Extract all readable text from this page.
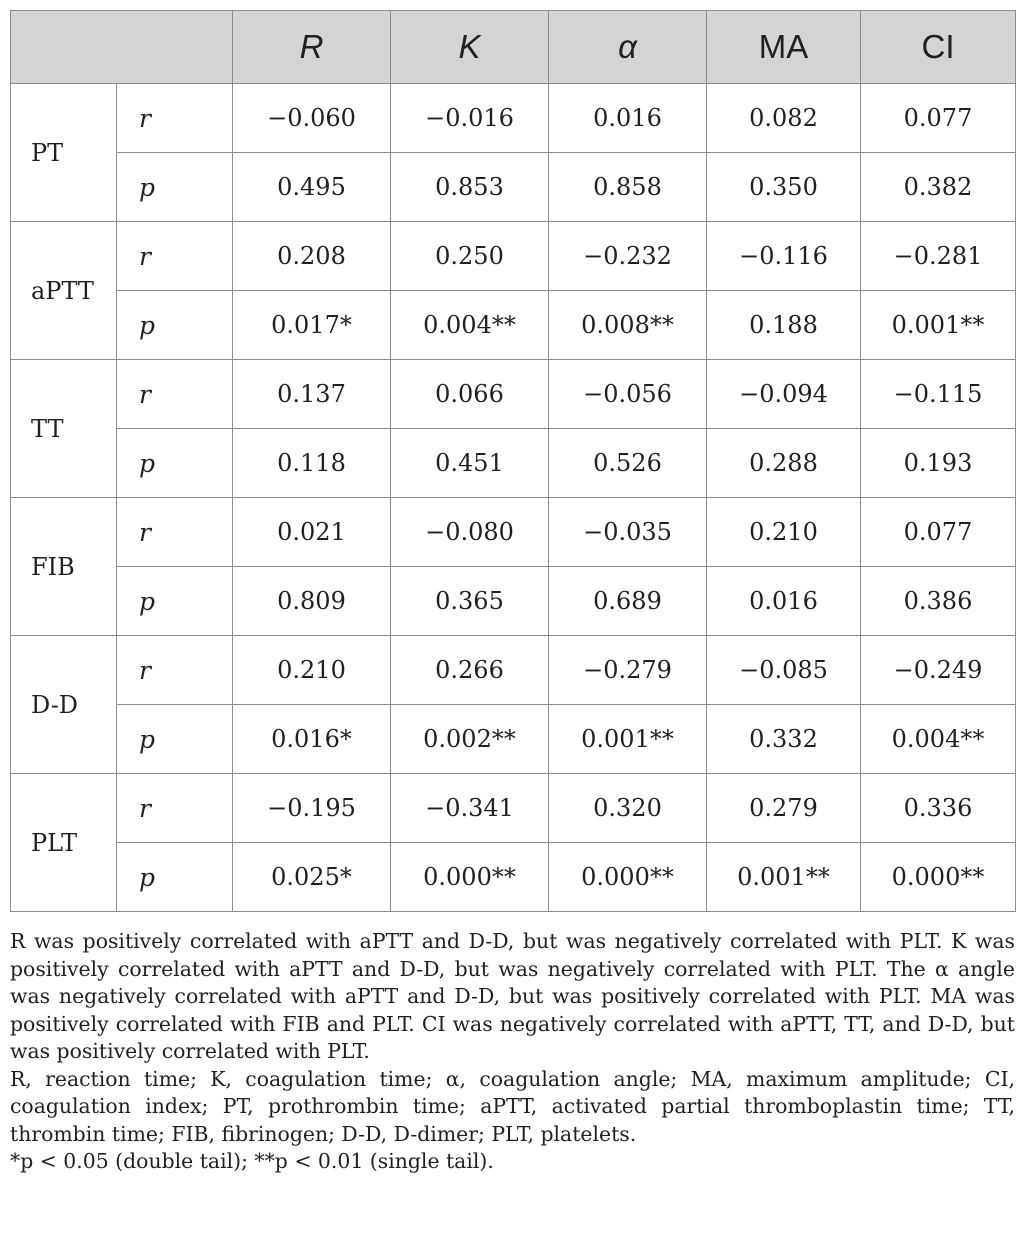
		R	K	α	MA	CI
PT	r	−0.060	−0.016	0.016	0.082	0.077
	p	0.495	0.853	0.858	0.350	0.382
aPTT	r	0.208	0.250	−0.232	−0.116	−0.281
	p	0.017*	0.004**	0.008**	0.188	0.001**
TT	r	0.137	0.066	−0.056	−0.094	−0.115
	p	0.118	0.451	0.526	0.288	0.193
FIB	r	0.021	−0.080	−0.035	0.210	0.077
	p	0.809	0.365	0.689	0.016	0.386
D-D	r	0.210	0.266	−0.279	−0.085	−0.249
	p	0.016*	0.002**	0.001**	0.332	0.004**
PLT	r	−0.195	−0.341	0.320	0.279	0.336
	p	0.025*	0.000**	0.000**	0.001**	0.000**

R was positively correlated with aPTT and D-D, but was negatively correlated with PLT. K was positively correlated with aPTT and D-D, but was negatively correlated with PLT. The α angle was negatively correlated with aPTT and D-D, but was positively correlated with PLT. MA was positively correlated with FIB and PLT. CI was negatively correlated with aPTT, TT, and D-D, but was positively correlated with PLT.

R, reaction time; K, coagulation time; α, coagulation angle; MA, maximum amplitude; CI, coagulation index; PT, prothrombin time; aPTT, activated partial thromboplastin time; TT, thrombin time; FIB, fibrinogen; D-D, D-dimer; PLT, platelets.

*p < 0.05 (double tail); **p < 0.01 (single tail).
